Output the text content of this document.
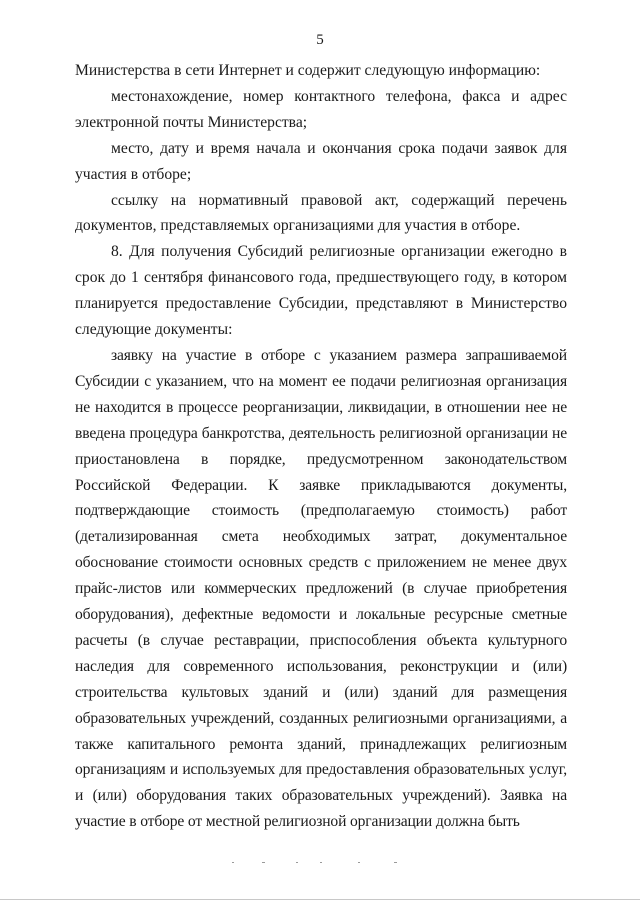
5

Министерства в сети Интернет и содержит следующую информацию:

местонахождение, номер контактного телефона, факса и адрес электронной почты Министерства;

место, дату и время начала и окончания срока подачи заявок для участия в отборе;

ссылку на нормативный правовой акт, содержащий перечень документов, представляемых организациями для участия в отборе.

8. Для получения Субсидий религиозные организации ежегодно в срок до 1 сентября финансового года, предшествующего году, в котором планируется предоставление Субсидии, представляют в Министерство следующие документы:

заявку на участие в отборе с указанием размера запрашиваемой Субсидии с указанием, что на момент ее подачи религиозная организация не находится в процессе реорганизации, ликвидации, в отношении нее не введена процедура банкротства, деятельность религиозной организации не приостановлена в порядке, предусмотренном законодательством Российской Федерации. К заявке прикладываются документы, подтверждающие стоимость (предполагаемую стоимость) работ (детализированная смета необходимых затрат, документальное обоснование стоимости основных средств с приложением не менее двух прайс-листов или коммерческих предложений (в случае приобретения оборудования), дефектные ведомости и локальные ресурсные сметные расчеты (в случае реставрации, приспособления объекта культурного наследия для современного использования, реконструкции и (или) строительства культовых зданий и (или) зданий для размещения образовательных учреждений, созданных религиозными организациями, а также капитального ремонта зданий, принадлежащих религиозным организациям и используемых для предоставления образовательных услуг, и (или) оборудования таких образовательных учреждений). Заявка на участие в отборе от местной религиозной организации должна быть
